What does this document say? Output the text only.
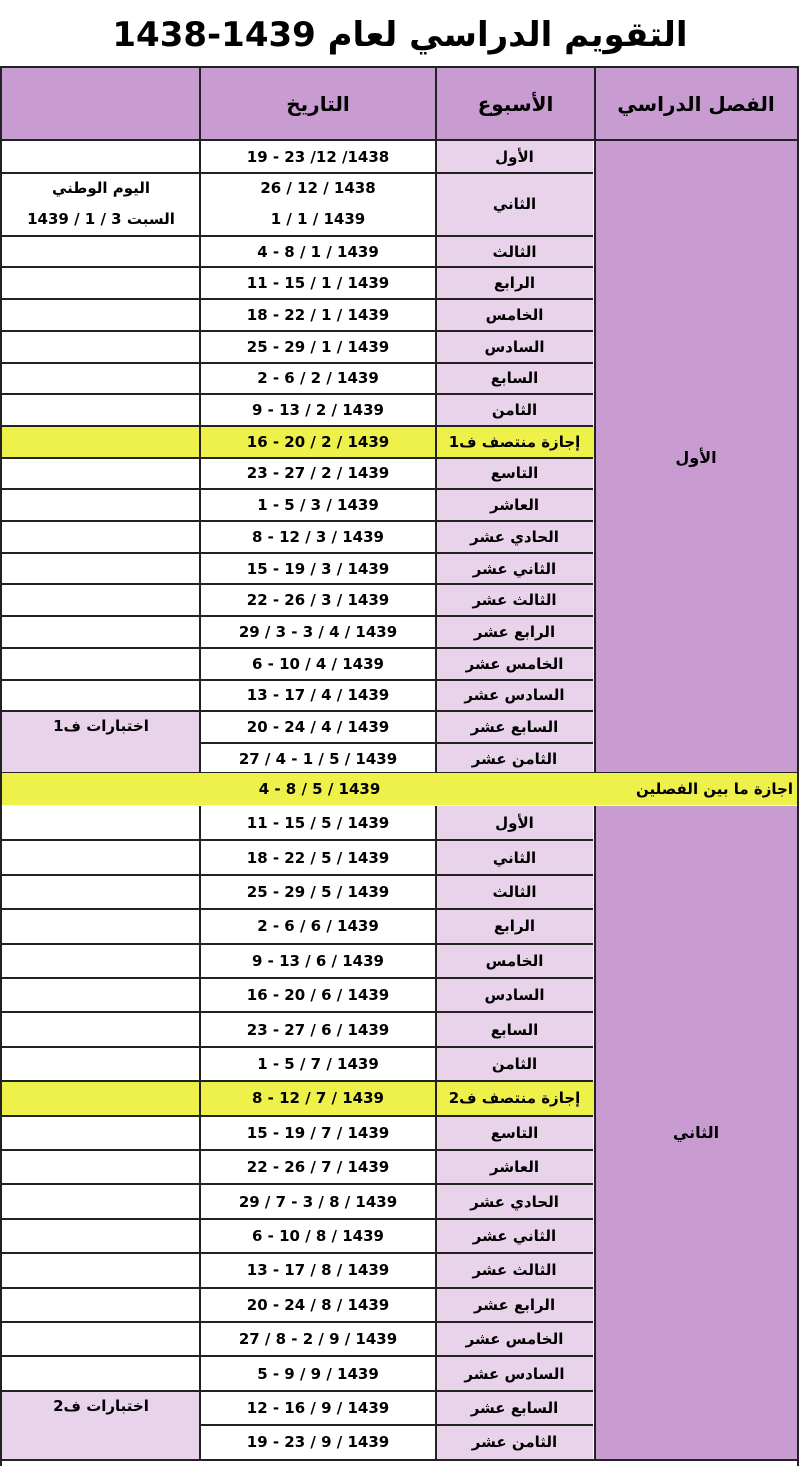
التقويم الدراسي لعام 1439-1438
الفصل الدراسي
الأسبوع
التاريخ
الأول
19 - 23 /12 /1438
الثاني
26 / 12 / 1438
1 / 1 / 1439
اليوم الوطني
السبت 3 / 1 / 1439
الثالث
4 - 8 / 1 / 1439
الرابع
11 - 15 / 1 / 1439
الخامس
18 - 22 / 1 / 1439
السادس
25 - 29 / 1 / 1439
السابع
2 - 6 / 2 / 1439
الثامن
9 - 13 / 2 / 1439
إجازة منتصف ف1
16 - 20 / 2 / 1439
التاسع
23 - 27 / 2 / 1439
العاشر
1 - 5 / 3 / 1439
الحادي عشر
8 - 12 / 3 / 1439
الثاني عشر
15 - 19 / 3 / 1439
الثالث عشر
22 - 26 / 3 / 1439
الرابع عشر
29 / 3 - 3 / 4 / 1439
الخامس عشر
6 - 10 / 4 / 1439
السادس عشر
13 - 17 / 4 / 1439
السابع عشر
20 - 24 / 4 / 1439
اختبارات ف1
الثامن عشر
27 / 4 - 1 / 5 / 1439
الأول
الأول
11 - 15 / 5 / 1439
الثاني
18 - 22 / 5 / 1439
الثالث
25 - 29 / 5 / 1439
الرابع
2 - 6 / 6 / 1439
الخامس
9 - 13 / 6 / 1439
السادس
16 - 20 / 6 / 1439
السابع
23 - 27 / 6 / 1439
الثامن
1 - 5 / 7 / 1439
إجازة منتصف ف2
8 - 12 / 7 / 1439
التاسع
15 - 19 / 7 / 1439
العاشر
22 - 26 / 7 / 1439
الحادي عشر
29 / 7 - 3 / 8 / 1439
الثاني عشر
6 - 10 / 8 / 1439
الثالث عشر
13 - 17 / 8 / 1439
الرابع عشر
20 - 24 / 8 / 1439
الخامس عشر
27 / 8 - 2 / 9 / 1439
السادس عشر
5 - 9 / 9 / 1439
السابع عشر
12 - 16 / 9 / 1439
اختبارات ف2
الثامن عشر
19 - 23 / 9 / 1439
الثاني
اجازة ما بين الفصلين
4 - 8 / 5 / 1439
